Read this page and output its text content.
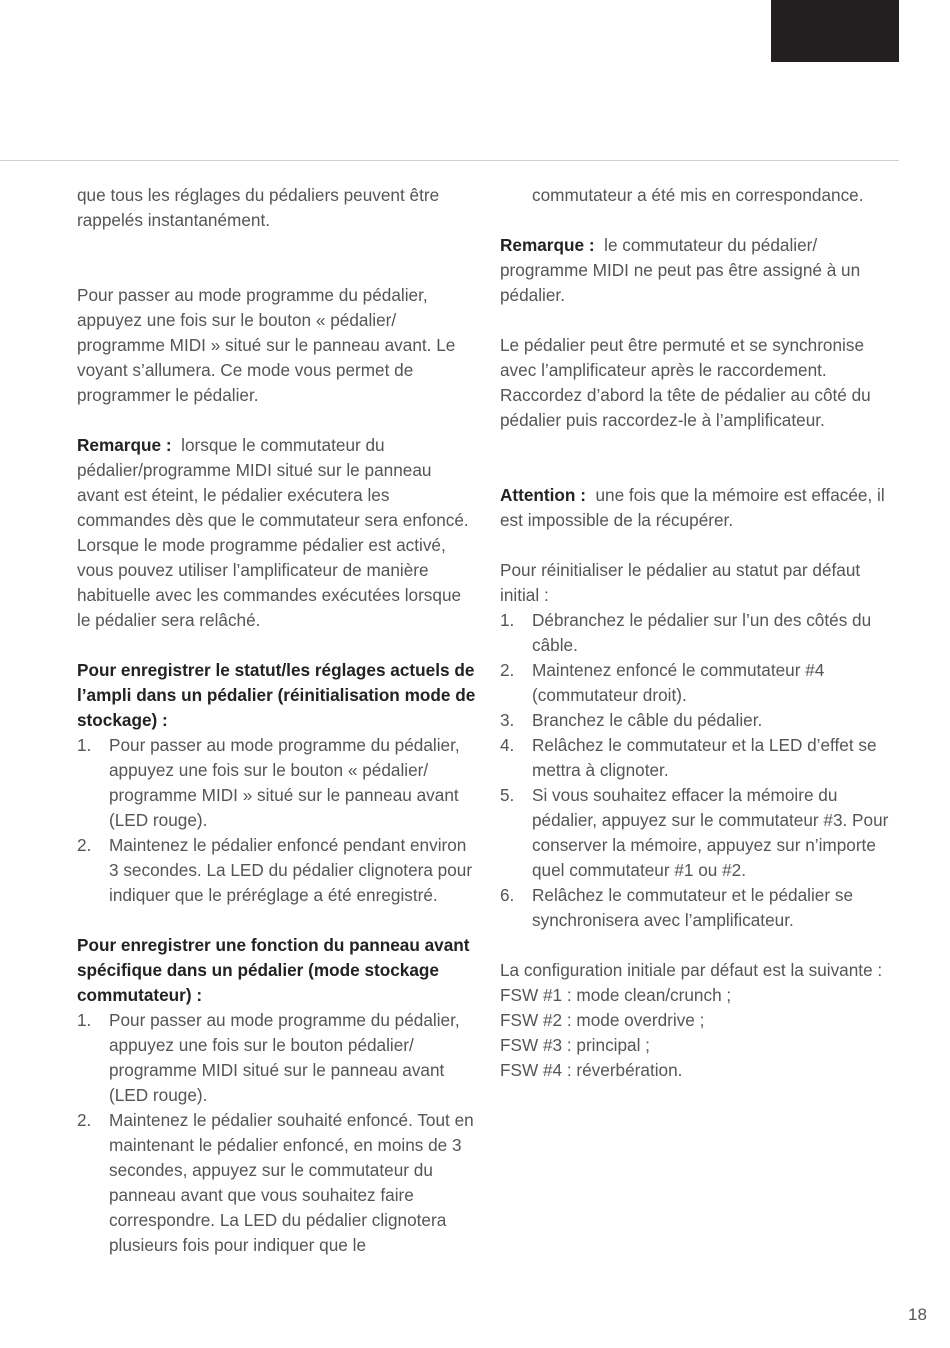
que tous les réglages du pédaliers peuvent être rappelés instantanément.

Pour passer au mode programme du pédalier, appuyez une fois sur le bouton « pédalier/ programme MIDI » situé sur le panneau avant. Le voyant s’allumera. Ce mode vous permet de programmer le pédalier.

Remarque : lorsque le commutateur du pédalier/programme MIDI situé sur le panneau avant est éteint, le pédalier exécutera les commandes dès que le commutateur sera enfoncé. Lorsque le mode programme pédalier est activé, vous pouvez utiliser l’amplificateur de manière habituelle avec les commandes exécutées lorsque le pédalier sera relâché.

Pour enregistrer le statut/les réglages actuels de l’ampli dans un pédalier (réinitialisation mode de stockage) :

1. Pour passer au mode programme du pédalier, appuyez une fois sur le bouton « pédalier/ programme MIDI » situé sur le panneau avant (LED rouge).
2. Maintenez le pédalier enfoncé pendant environ 3 secondes. La LED du pédalier clignotera pour indiquer que le préréglage a été enregistré.

Pour enregistrer une fonction du panneau avant spécifique dans un pédalier (mode stockage commutateur) :

1. Pour passer au mode programme du pédalier, appuyez une fois sur le bouton pédalier/ programme MIDI situé sur le panneau avant (LED rouge).
2. Maintenez le pédalier souhaité enfoncé. Tout en maintenant le pédalier enfoncé, en moins de 3 secondes, appuyez sur le commutateur du panneau avant que vous souhaitez faire correspondre. La LED du pédalier clignotera plusieurs fois pour indiquer que le

commutateur a été mis en correspondance.

Remarque : le commutateur du pédalier/ programme MIDI ne peut pas être assigné à un pédalier.

Le pédalier peut être permuté et se synchronise avec l’amplificateur après le raccordement. Raccordez d’abord la tête de pédalier au côté du pédalier puis raccordez-le à l’amplificateur.

Attention : une fois que la mémoire est effacée, il est impossible de la récupérer.

Pour réinitialiser le pédalier au statut par défaut initial :

1. Débranchez le pédalier sur l’un des côtés du câble.
2. Maintenez enfoncé le commutateur #4 (commutateur droit).
3. Branchez le câble du pédalier.
4. Relâchez le commutateur et la LED d’effet se mettra à clignoter.
5. Si vous souhaitez effacer la mémoire du pédalier, appuyez sur le commutateur #3. Pour conserver la mémoire, appuyez sur n’importe quel commutateur #1 ou #2.
6. Relâchez le commutateur et le pédalier se synchronisera avec l’amplificateur.

La configuration initiale par défaut est la suivante :

FSW #1 : mode clean/crunch ;

FSW #2 : mode overdrive ;

FSW #3 : principal ;

FSW #4 : réverbération.

18
